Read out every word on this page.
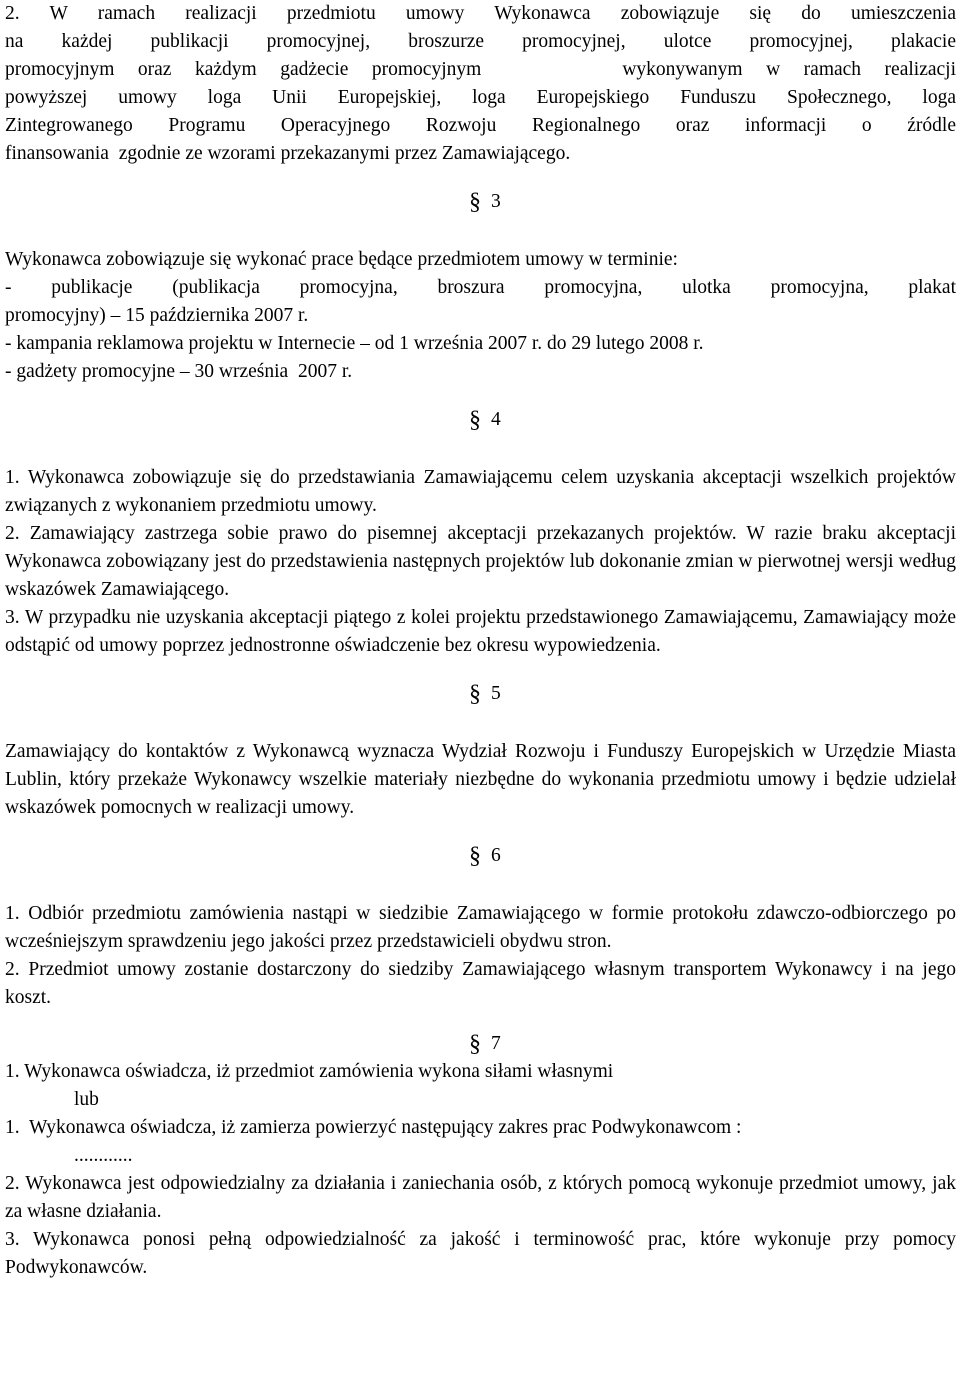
2. W ramach realizacji przedmiotu umowy Wykonawca zobowiązuje się do umieszczenia
na każdej publikacji promocyjnej, broszurze promocyjnej, ulotce promocyjnej, plakacie
promocyjnym oraz każdym gadżecie promocyjnym      wykonywanym w ramach realizacji
powyższej umowy loga Unii Europejskiej, loga Europejskiego Funduszu Społecznego, loga
Zintegrowanego Programu Operacyjnego Rozwoju Regionalnego oraz informacji o źródle
finansowania  zgodnie ze wzorami przekazanymi przez Zamawiającego.
§ 3
Wykonawca zobowiązuje się wykonać prace będące przedmiotem umowy w terminie:
- publikacje (publikacja promocyjna, broszura promocyjna, ulotka promocyjna, plakat
promocyjny) – 15 października 2007 r.
- kampania reklamowa projektu w Internecie – od 1 września 2007 r. do 29 lutego 2008 r.
- gadżety promocyjne – 30 września  2007 r.
§ 4

1. Wykonawca zobowiązuje się do przedstawiania Zamawiającemu celem uzyskania akceptacji wszelkich projektów związanych z wykonaniem przedmiotu umowy.

2. Zamawiający zastrzega sobie prawo do pisemnej akceptacji przekazanych projektów. W razie braku akceptacji Wykonawca zobowiązany jest do przedstawienia następnych projektów lub dokonanie zmian w pierwotnej wersji według wskazówek Zamawiającego.

3. W przypadku nie uzyskania akceptacji piątego z kolei projektu przedstawionego Zamawiającemu, Zamawiający może odstąpić od umowy poprzez jednostronne oświadczenie bez okresu wypowiedzenia.

§ 5

Zamawiający do kontaktów z Wykonawcą wyznacza Wydział Rozwoju i Funduszy Europejskich w Urzędzie Miasta Lublin, który przekaże Wykonawcy wszelkie materiały niezbędne do wykonania przedmiotu umowy i będzie udzielał wskazówek pomocnych w realizacji umowy.

§ 6

1. Odbiór przedmiotu zamówienia nastąpi w siedzibie Zamawiającego w formie protokołu zdawczo-odbiorczego po wcześniejszym sprawdzeniu jego jakości przez przedstawicieli obydwu stron.

2. Przedmiot umowy zostanie dostarczony do siedziby Zamawiającego własnym transportem Wykonawcy i na jego koszt.

§ 7
1. Wykonawca oświadcza, iż przedmiot zamówienia wykona siłami własnymi
lub
1.  Wykonawca oświadcza, iż zamierza powierzyć następujący zakres prac Podwykonawcom :
............

2. Wykonawca jest odpowiedzialny za działania i zaniechania osób, z których pomocą wykonuje przedmiot umowy, jak za własne działania.

3. Wykonawca ponosi pełną odpowiedzialność za jakość i terminowość prac, które wykonuje przy pomocy Podwykonawców.
